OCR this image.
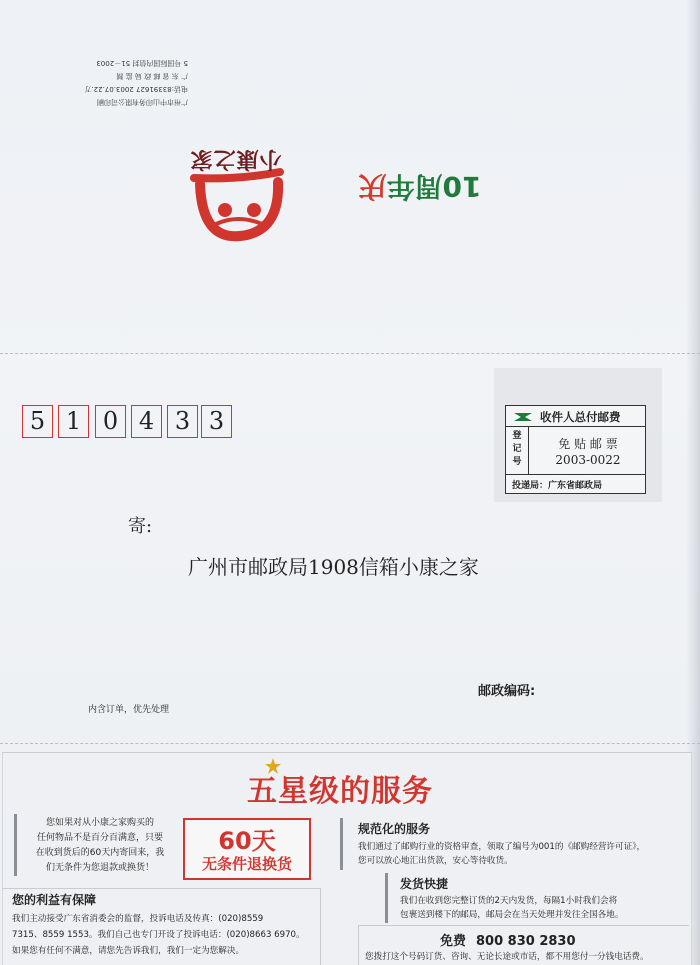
广州市中山印务有限公司印刷
电话:83391627 2003.07.22.万
广 东 省 邮 政 局 监 制
5 号国际国内信封 51－2003
小康之家
10周年庆
5 1 0 4 3 3	收件人总付邮费
登
记
号
免 贴 邮 票
2003-0022
投递局：广东省邮政局
寄:
广州市邮政局1908信箱小康之家
邮政编码:
内含订单，优先处理
五星级的服务
您如果对从小康之家购买的
任何物品不是百分百满意，只要
在收到货后的60天内寄回来，我
们无条件为您退款或换货！
60天
无条件退换货
规范化的服务
我们通过了邮购行业的资格审查，领取了编号为001的《邮购经营许可证》，
您可以放心地汇出货款，安心等待收货。
发货快捷
我们在收到您完整订货的2天内发货，每隔1小时我们会将
包裹送到楼下的邮局，邮局会在当天处理并发往全国各地。
免费 800 830 2830
您拨打这个号码订货、咨询、无论长途或市话，都不用您付一分钱电话费。
您的利益有保障
我们主动接受广东省消委会的监督，投诉电话及传真：(020)8559
7315、8559 1553。我们自己也专门开设了投诉电话：(020)8663 6970。
如果您有任何不满意，请您先告诉我们，我们一定为您解决。
